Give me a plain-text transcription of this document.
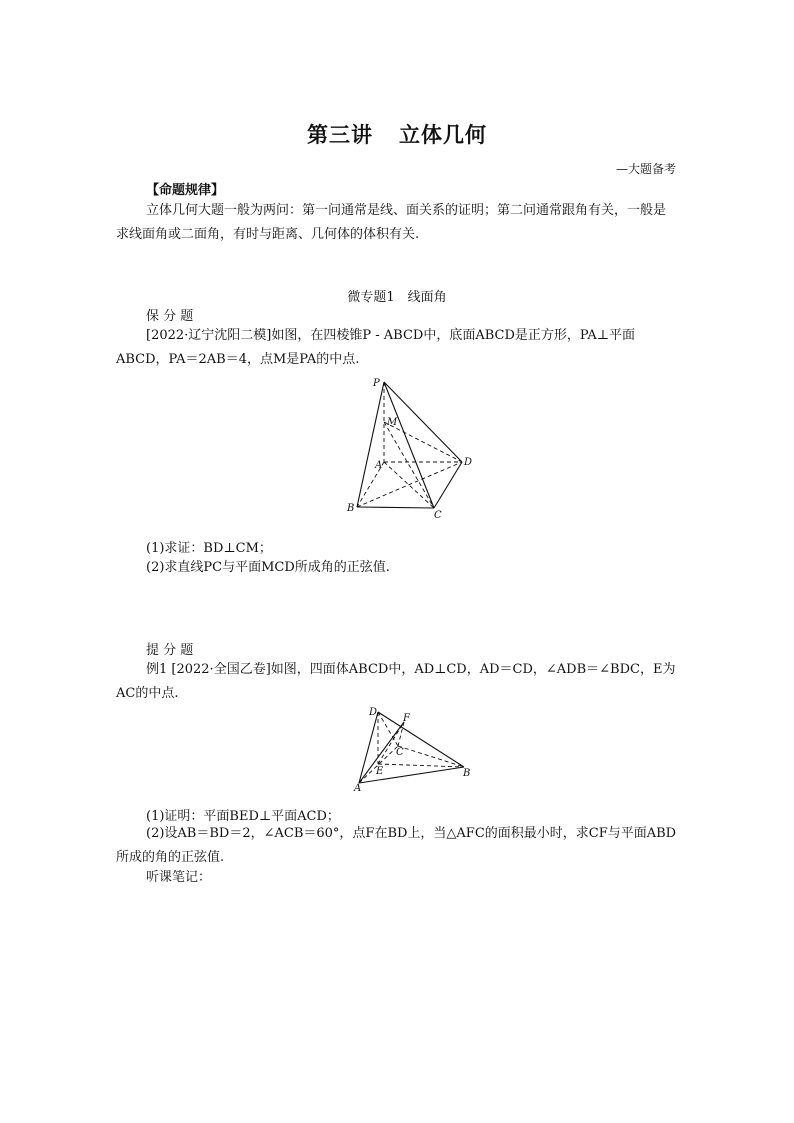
第三讲 立体几何
—大题备考
【命题规律】
立体几何大题一般为两问：第一问通常是线、面关系的证明；第二问通常跟角有关，一般是求线面角或二面角，有时与距离、几何体的体积有关.
微专题1　线面角
保 分 题
[2022·辽宁沈阳二模]如图，在四棱锥P - ABCD中，底面ABCD是正方形，PA⊥平面ABCD，PA＝2AB＝4，点M是PA的中点.
P
M
A
B
C
D
(1)求证：BD⊥CM；
(2)求直线PC与平面MCD所成角的正弦值.
提 分 题
例1 [2022·全国乙卷]如图，四面体ABCD中，AD⊥CD，AD＝CD，∠ADB＝∠BDC，E为AC的中点.
D
F
C
E
A
B
(1)证明：平面BED⊥平面ACD；
(2)设AB＝BD＝2，∠ACB＝60°，点F在BD上，当△AFC的面积最小时，求CF与平面ABD所成的角的正弦值.
听课笔记：
